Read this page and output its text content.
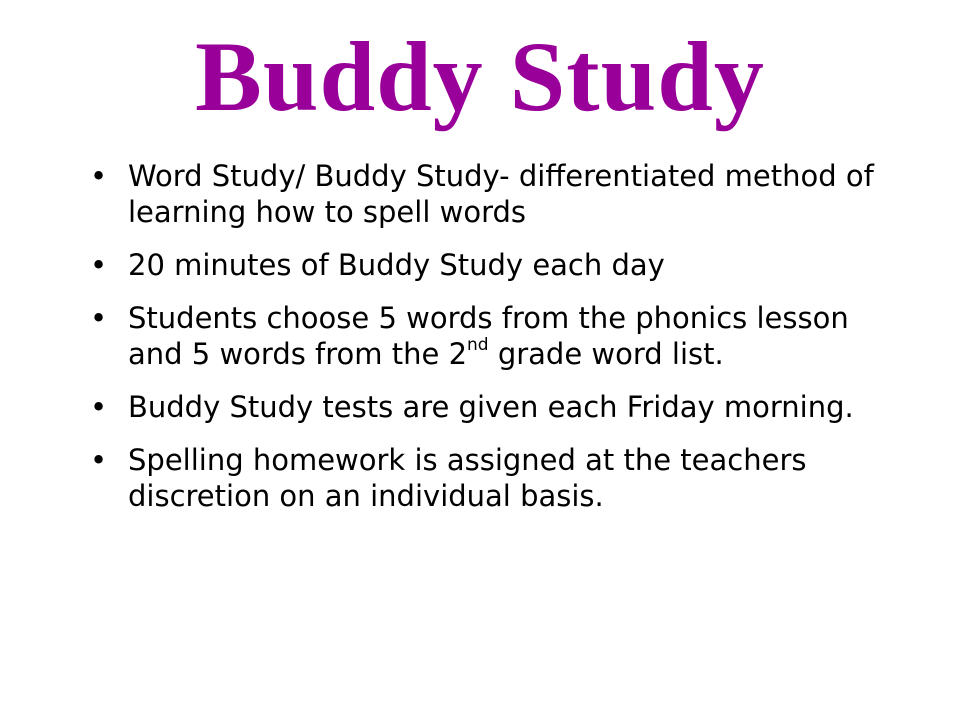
Buddy Study
• Word Study/ Buddy Study- differentiated method of learning how to spell words
• 20 minutes of Buddy Study each day
• Students choose 5 words from the phonics lesson and 5 words from the 2nd grade word list.
• Buddy Study tests are given each Friday morning.
• Spelling homework is assigned at the teachers discretion on an individual basis.
